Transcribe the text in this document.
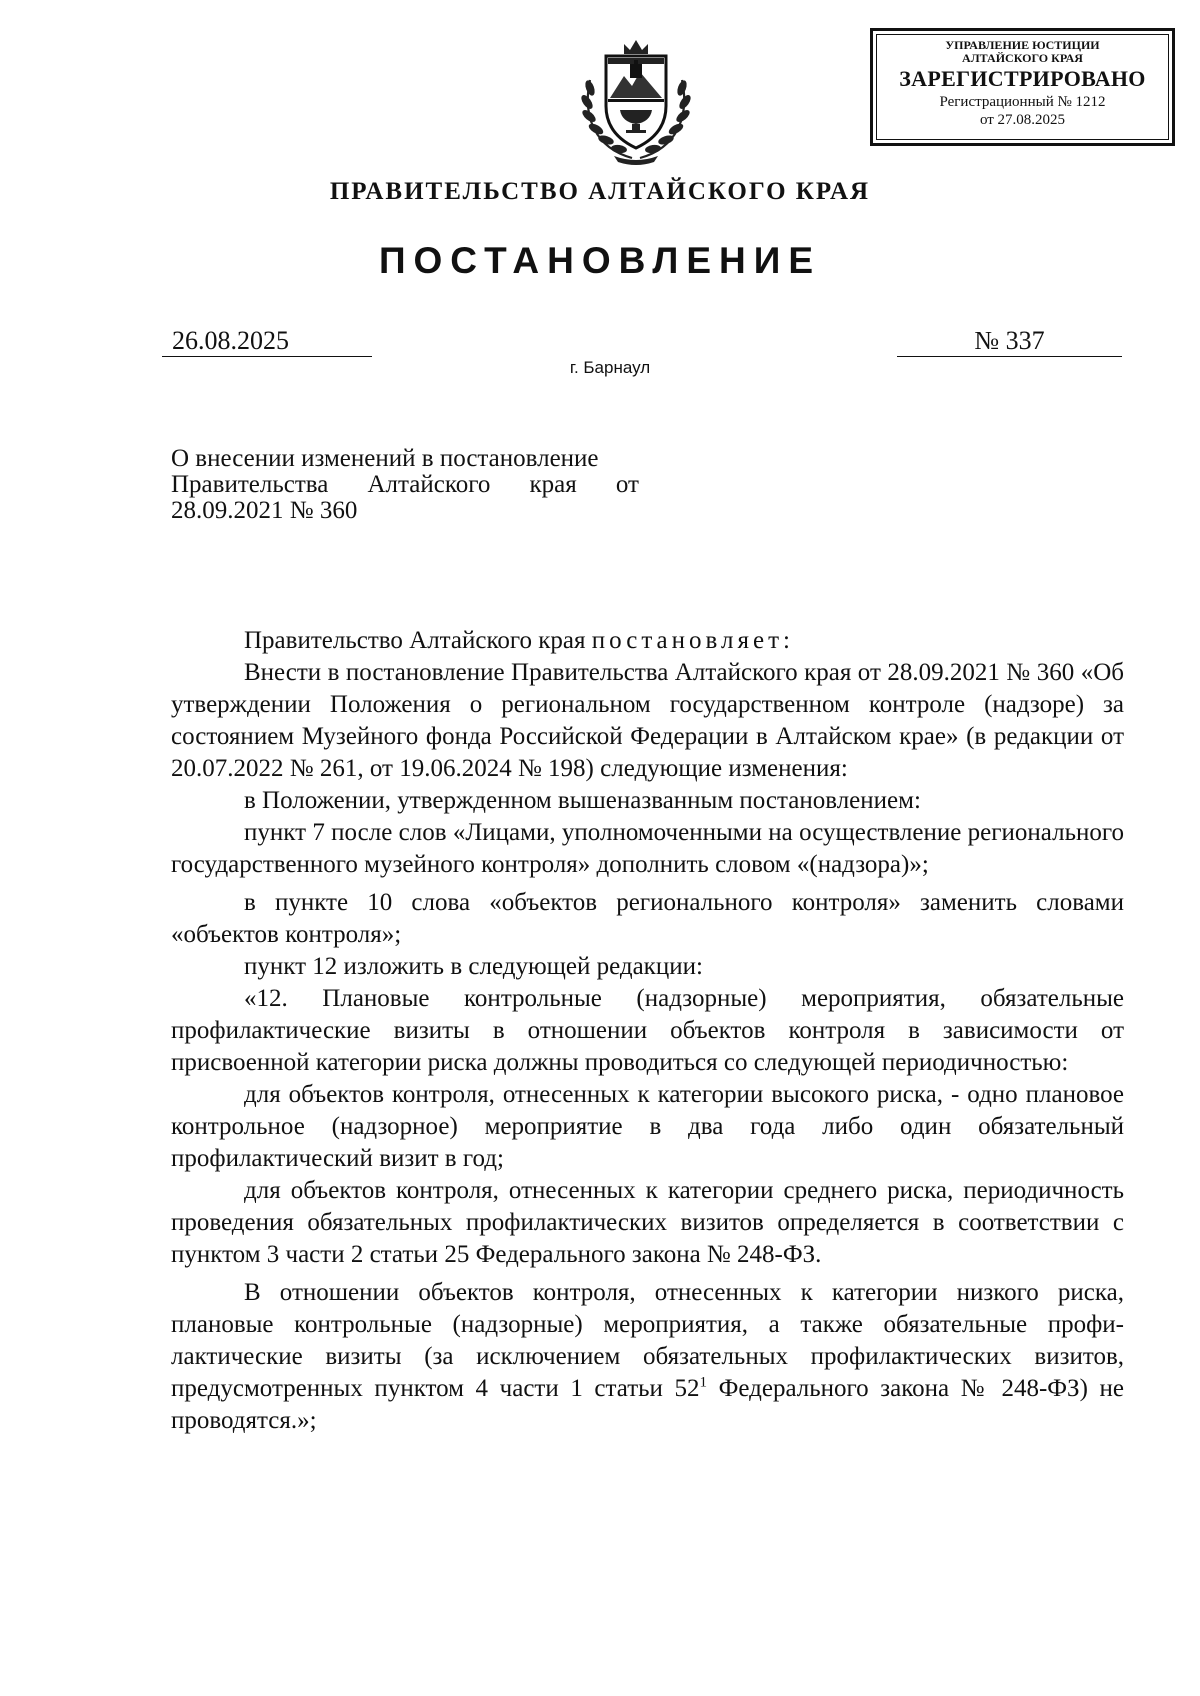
УПРАВЛЕНИЕ ЮСТИЦИИ
АЛТАЙСКОГО КРАЯ
ЗАРЕГИСТРИРОВАНО
Регистрационный № 1212
от 27.08.2025
ПРАВИТЕЛЬСТВО АЛТАЙСКОГО КРАЯ
ПОСТАНОВЛЕНИЕ
26.08.2025	№ 337
г. Барнаул
О внесении изменений в постановление
Правительства Алтайского края от
28.09.2021 № 360

Правительство Алтайского края постановляет:

Внести в постановление Правительства Алтайского края от 28.09.2021 № 360 «Об утверждении Положения о региональном государственном контроле (надзоре) за состоянием Музейного фонда Российской Федерации в Алтайском крае» (в редакции от 20.07.2022 № 261, от 19.06.2024 № 198) следующие изменения:

в Положении, утвержденном вышеназванным постановлением:

пункт 7 после слов «Лицами, уполномоченными на осуществление регионального государственного музейного контроля» дополнить словом «(надзора)»;

в пункте 10 слова «объектов регионального контроля» заменить словами «объектов контроля»;

пункт 12 изложить в следующей редакции:

«12. Плановые контрольные (надзорные) мероприятия, обязательные профилактические визиты в отношении объектов контроля в зависимости от присвоенной категории риска должны проводиться со следующей периодичностью:

для объектов контроля, отнесенных к категории высокого риска, - одно плановое контрольное (надзорное) мероприятие в два года либо один обязательный профилактический визит в год;

для объектов контроля, отнесенных к категории среднего риска, периодичность проведения обязательных профилактических визитов определяется в соответствии с пунктом 3 части 2 статьи 25 Федерального закона № 248-ФЗ.

В отношении объектов контроля, отнесенных к категории низкого риска, плановые контрольные (надзорные) мероприятия, а также обязательные профилактические визиты (за исключением обязательных профилактических визитов, предусмотренных пунктом 4 части 1 статьи $52^1$ Федерального закона № 248-ФЗ) не проводятся.»;
